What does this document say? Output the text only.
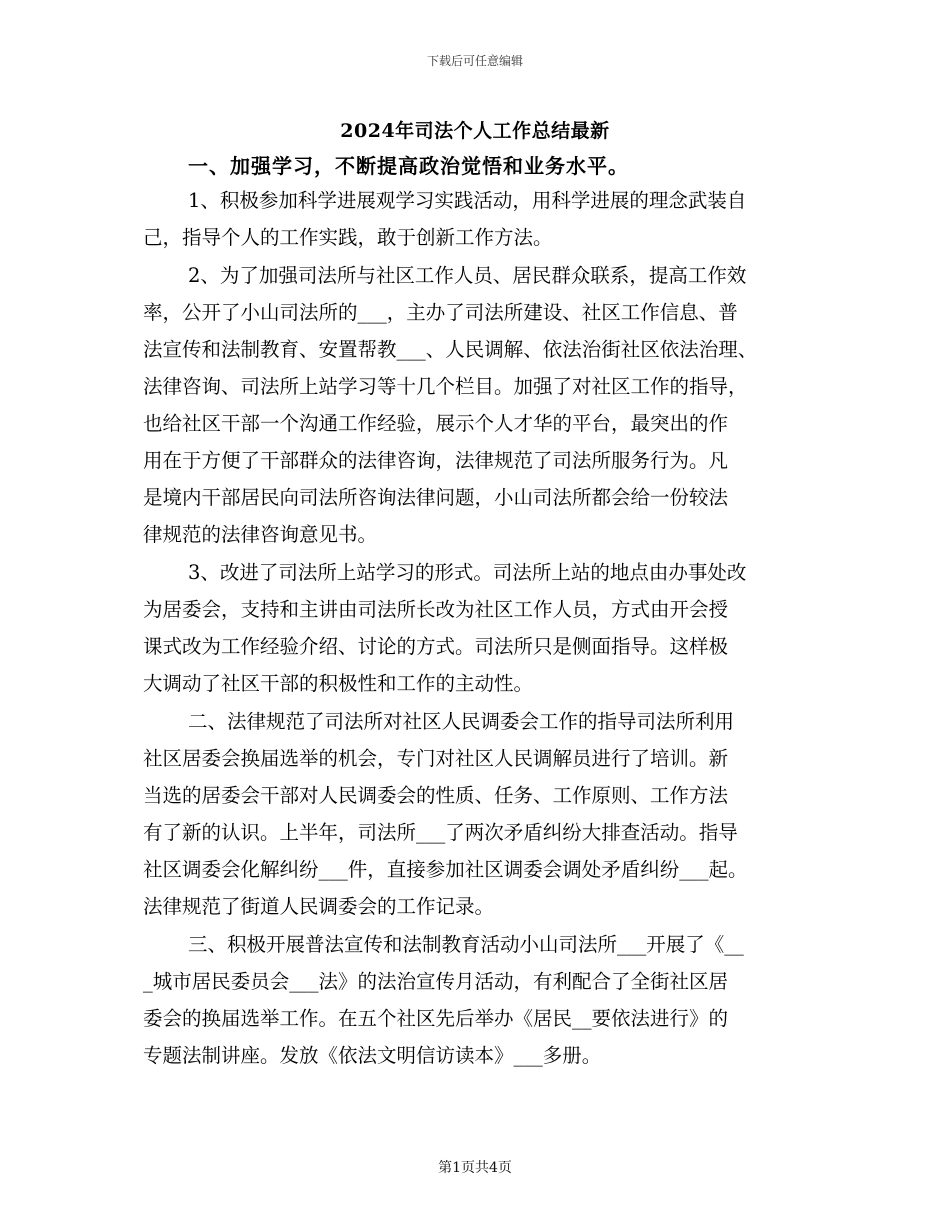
下载后可任意编辑
2024年司法个人工作总结最新
一、加强学习，不断提高政治觉悟和业务水平。

1、积极参加科学进展观学习实践活动，用科学进展的理念武装自

己，指导个人的工作实践，敢于创新工作方法。

2、为了加强司法所与社区工作人员、居民群众联系，提高工作效

率，公开了小山司法所的___，主办了司法所建设、社区工作信息、普

法宣传和法制教育、安置帮教___、人民调解、依法治街社区依法治理、

法律咨询、司法所上站学习等十几个栏目。加强了对社区工作的指导，

也给社区干部一个沟通工作经验，展示个人才华的平台，最突出的作

用在于方便了干部群众的法律咨询，法律规范了司法所服务行为。凡

是境内干部居民向司法所咨询法律问题，小山司法所都会给一份较法

律规范的法律咨询意见书。

3、改进了司法所上站学习的形式。司法所上站的地点由办事处改

为居委会，支持和主讲由司法所长改为社区工作人员，方式由开会授

课式改为工作经验介绍、讨论的方式。司法所只是侧面指导。这样极

大调动了社区干部的积极性和工作的主动性。

二、法律规范了司法所对社区人民调委会工作的指导司法所利用

社区居委会换届选举的机会，专门对社区人民调解员进行了培训。新

当选的居委会干部对人民调委会的性质、任务、工作原则、工作方法

有了新的认识。上半年，司法所___了两次矛盾纠纷大排查活动。指导

社区调委会化解纠纷___件，直接参加社区调委会调处矛盾纠纷___起。

法律规范了街道人民调委会的工作记录。

三、积极开展普法宣传和法制教育活动小山司法所___开展了《__

_城市居民委员会___法》的法治宣传月活动，有利配合了全街社区居

委会的换届选举工作。在五个社区先后举办《居民__要依法进行》的

专题法制讲座。发放《依法文明信访读本》___多册。

第1页共4页
